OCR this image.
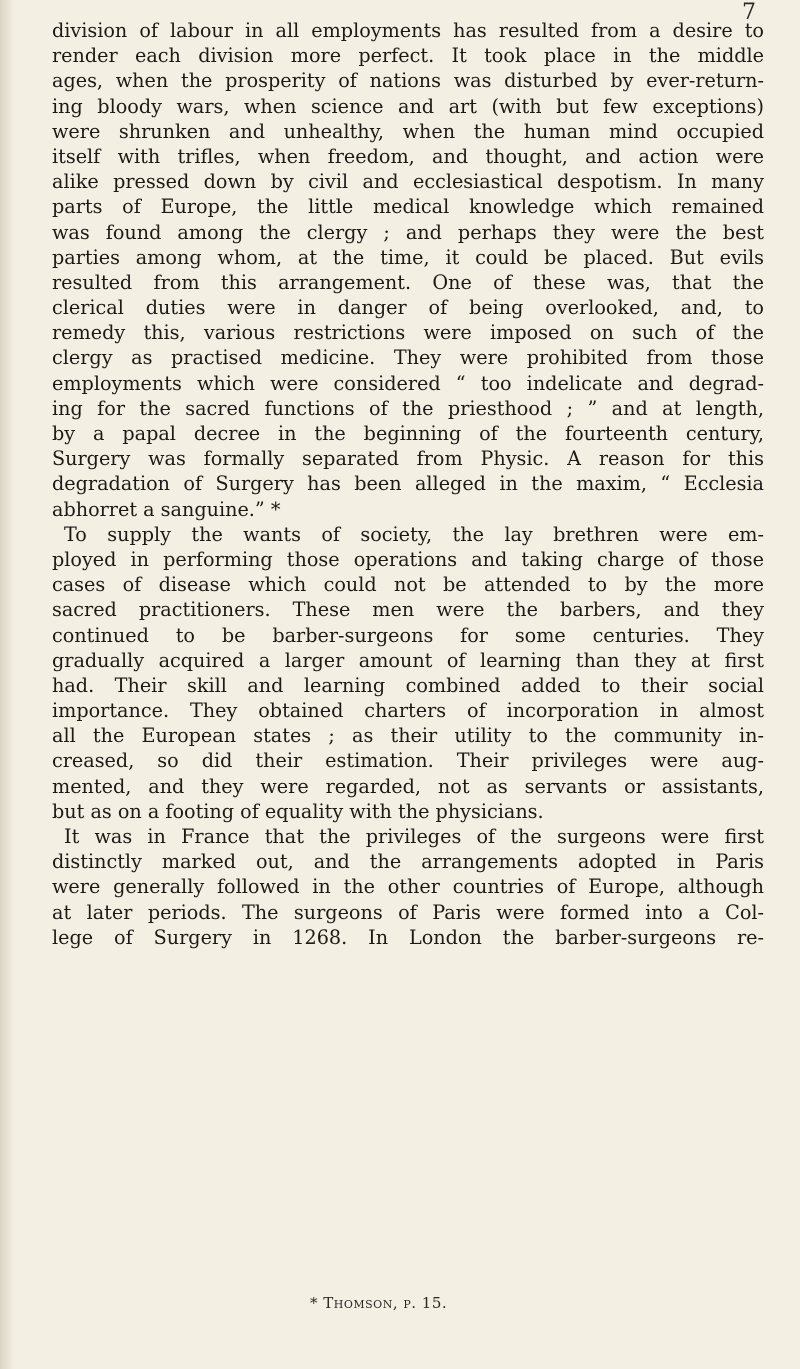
7
division of labour in all employments has resulted from a desire to
render each division more perfect. It took place in the middle
ages, when the prosperity of nations was disturbed by ever-return-
ing bloody wars, when science and art (with but few exceptions)
were shrunken and unhealthy, when the human mind occupied
itself with trifles, when freedom, and thought, and action were
alike pressed down by civil and ecclesiastical despotism. In many
parts of Europe, the little medical knowledge which remained
was found among the clergy ; and perhaps they were the best
parties among whom, at the time, it could be placed. But evils
resulted from this arrangement. One of these was, that the
clerical duties were in danger of being overlooked, and, to
remedy this, various restrictions were imposed on such of the
clergy as practised medicine. They were prohibited from those
employments which were considered “ too indelicate and degrad-
ing for the sacred functions of the priesthood ; ” and at length,
by a papal decree in the beginning of the fourteenth century,
Surgery was formally separated from Physic. A reason for this
degradation of Surgery has been alleged in the maxim, “ Ecclesia
abhorret a sanguine.” *
To supply the wants of society, the lay brethren were em-
ployed in performing those operations and taking charge of those
cases of disease which could not be attended to by the more
sacred practitioners. These men were the barbers, and they
continued to be barber-surgeons for some centuries. They
gradually acquired a larger amount of learning than they at first
had. Their skill and learning combined added to their social
importance. They obtained charters of incorporation in almost
all the European states ; as their utility to the community in-
creased, so did their estimation. Their privileges were aug-
mented, and they were regarded, not as servants or assistants,
but as on a footing of equality with the physicians.
It was in France that the privileges of the surgeons were first
distinctly marked out, and the arrangements adopted in Paris
were generally followed in the other countries of Europe, although
at later periods. The surgeons of Paris were formed into a Col-
lege of Surgery in 1268. In London the barber-surgeons re-
* Thomson, p. 15.
